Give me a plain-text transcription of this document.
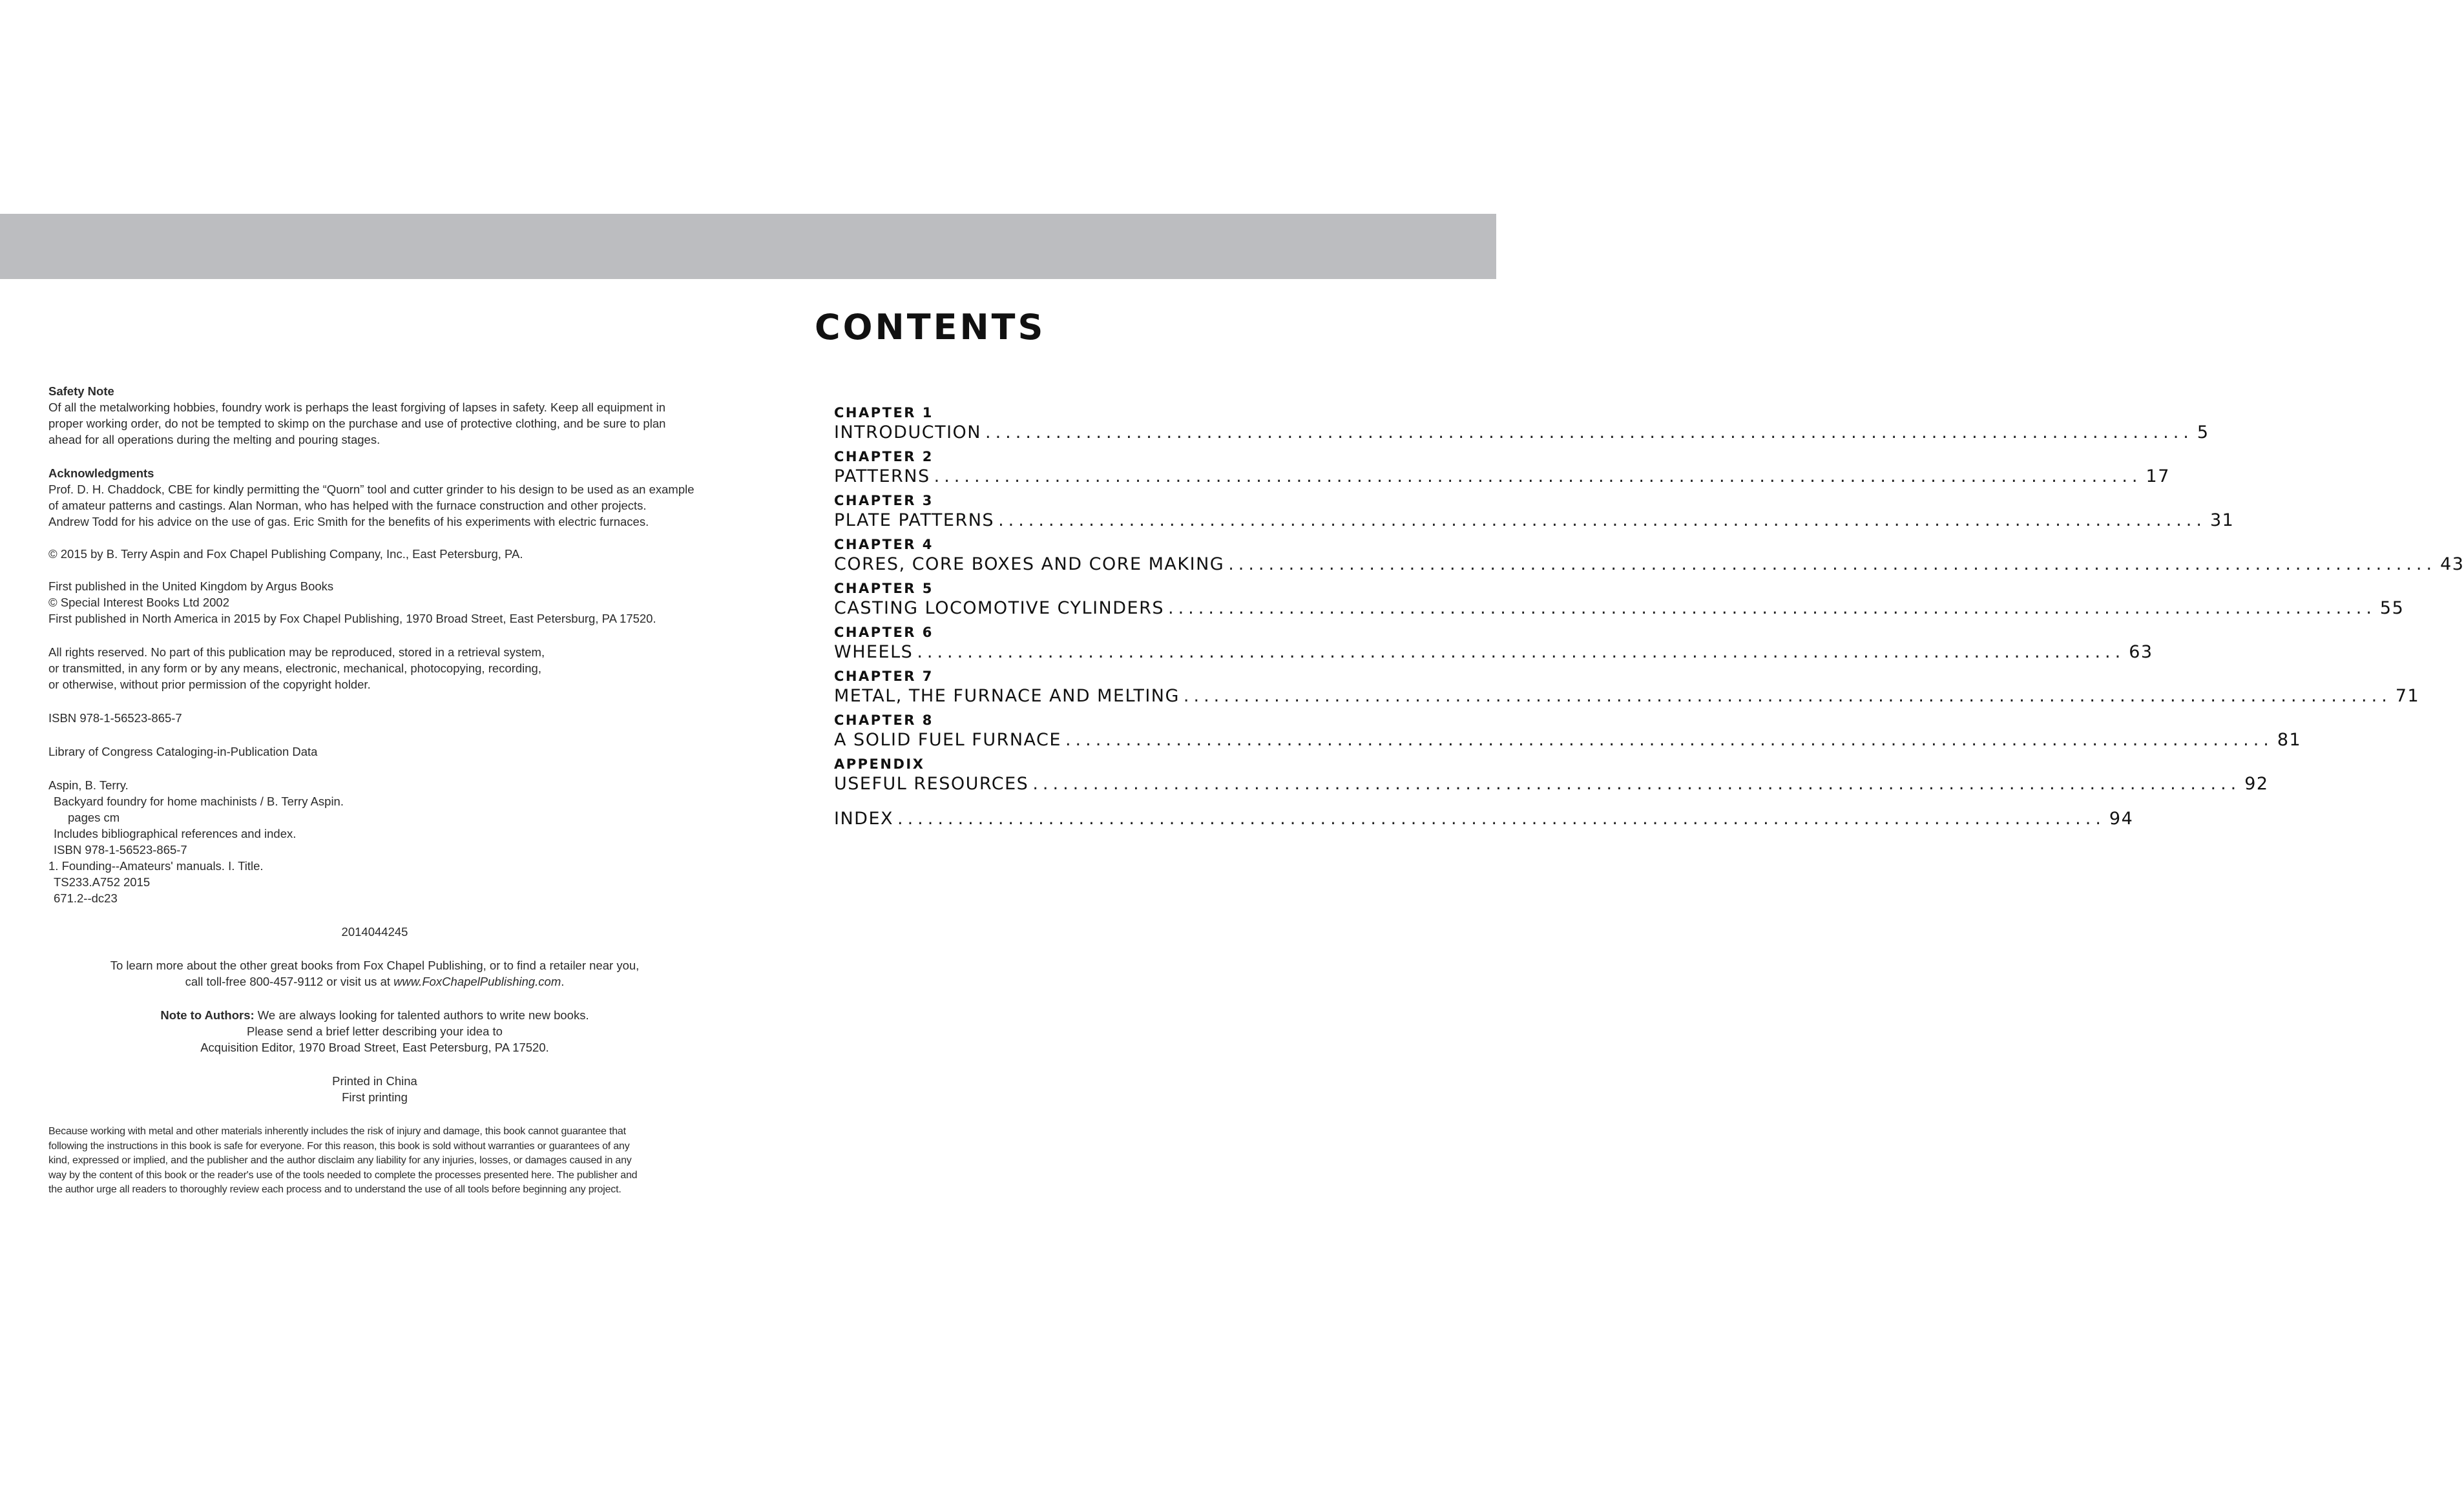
Safety Note

Of all the metalworking hobbies, foundry work is perhaps the least forgiving of lapses in safety. Keep all equipment in

proper working order, do not be tempted to skimp on the purchase and use of protective clothing, and be sure to plan

ahead for all operations during the melting and pouring stages.

Acknowledgments

Prof. D. H. Chaddock, CBE for kindly permitting the “Quorn” tool and cutter grinder to his design to be used as an example

of amateur patterns and castings. Alan Norman, who has helped with the furnace construction and other projects.

Andrew Todd for his advice on the use of gas. Eric Smith for the benefits of his experiments with electric furnaces.

© 2015 by B. Terry Aspin and Fox Chapel Publishing Company, Inc., East Petersburg, PA.

First published in the United Kingdom by Argus Books

© Special Interest Books Ltd 2002

First published in North America in 2015 by Fox Chapel Publishing, 1970 Broad Street, East Petersburg, PA 17520.

All rights reserved. No part of this publication may be reproduced, stored in a retrieval system,

or transmitted, in any form or by any means, electronic, mechanical, photocopying, recording,

or otherwise, without prior permission of the copyright holder.

ISBN 978-1-56523-865-7

Library of Congress Cataloging-in-Publication Data

Aspin, B. Terry.

Backyard foundry for home machinists / B. Terry Aspin.

pages cm

Includes bibliographical references and index.

ISBN 978-1-56523-865-7

1. Founding--Amateurs' manuals. I. Title.

TS233.A752 2015

671.2--dc23

2014044245

To learn more about the other great books from Fox Chapel Publishing, or to find a retailer near you,

call toll-free 800-457-9112 or visit us at www.FoxChapelPublishing.com.

Note to Authors: We are always looking for talented authors to write new books.

Please send a brief letter describing your idea to

Acquisition Editor, 1970 Broad Street, East Petersburg, PA 17520.

Printed in China

First printing

Because working with metal and other materials inherently includes the risk of injury and damage, this book cannot guarantee that

following the instructions in this book is safe for everyone. For this reason, this book is sold without warranties or guarantees of any

kind, expressed or implied, and the publisher and the author disclaim any liability for any injuries, losses, or damages caused in any

way by the content of this book or the reader's use of the tools needed to complete the processes presented here. The publisher and

the author urge all readers to thoroughly review each process and to understand the use of all tools before beginning any project.

CONTENTS
CHAPTER 1
INTRODUCTION ........................................................................................................................ 5
CHAPTER 2
PATTERNS ........................................................................................................................ 17
CHAPTER 3
PLATE PATTERNS ........................................................................................................................ 31
CHAPTER 4
CORES, CORE BOXES AND CORE MAKING ........................................................................................................................ 43
CHAPTER 5
CASTING LOCOMOTIVE CYLINDERS ........................................................................................................................ 55
CHAPTER 6
WHEELS ........................................................................................................................ 63
CHAPTER 7
METAL, THE FURNACE AND MELTING ........................................................................................................................ 71
CHAPTER 8
A SOLID FUEL FURNACE ........................................................................................................................ 81
APPENDIX
USEFUL RESOURCES ........................................................................................................................ 92
INDEX ........................................................................................................................ 94
